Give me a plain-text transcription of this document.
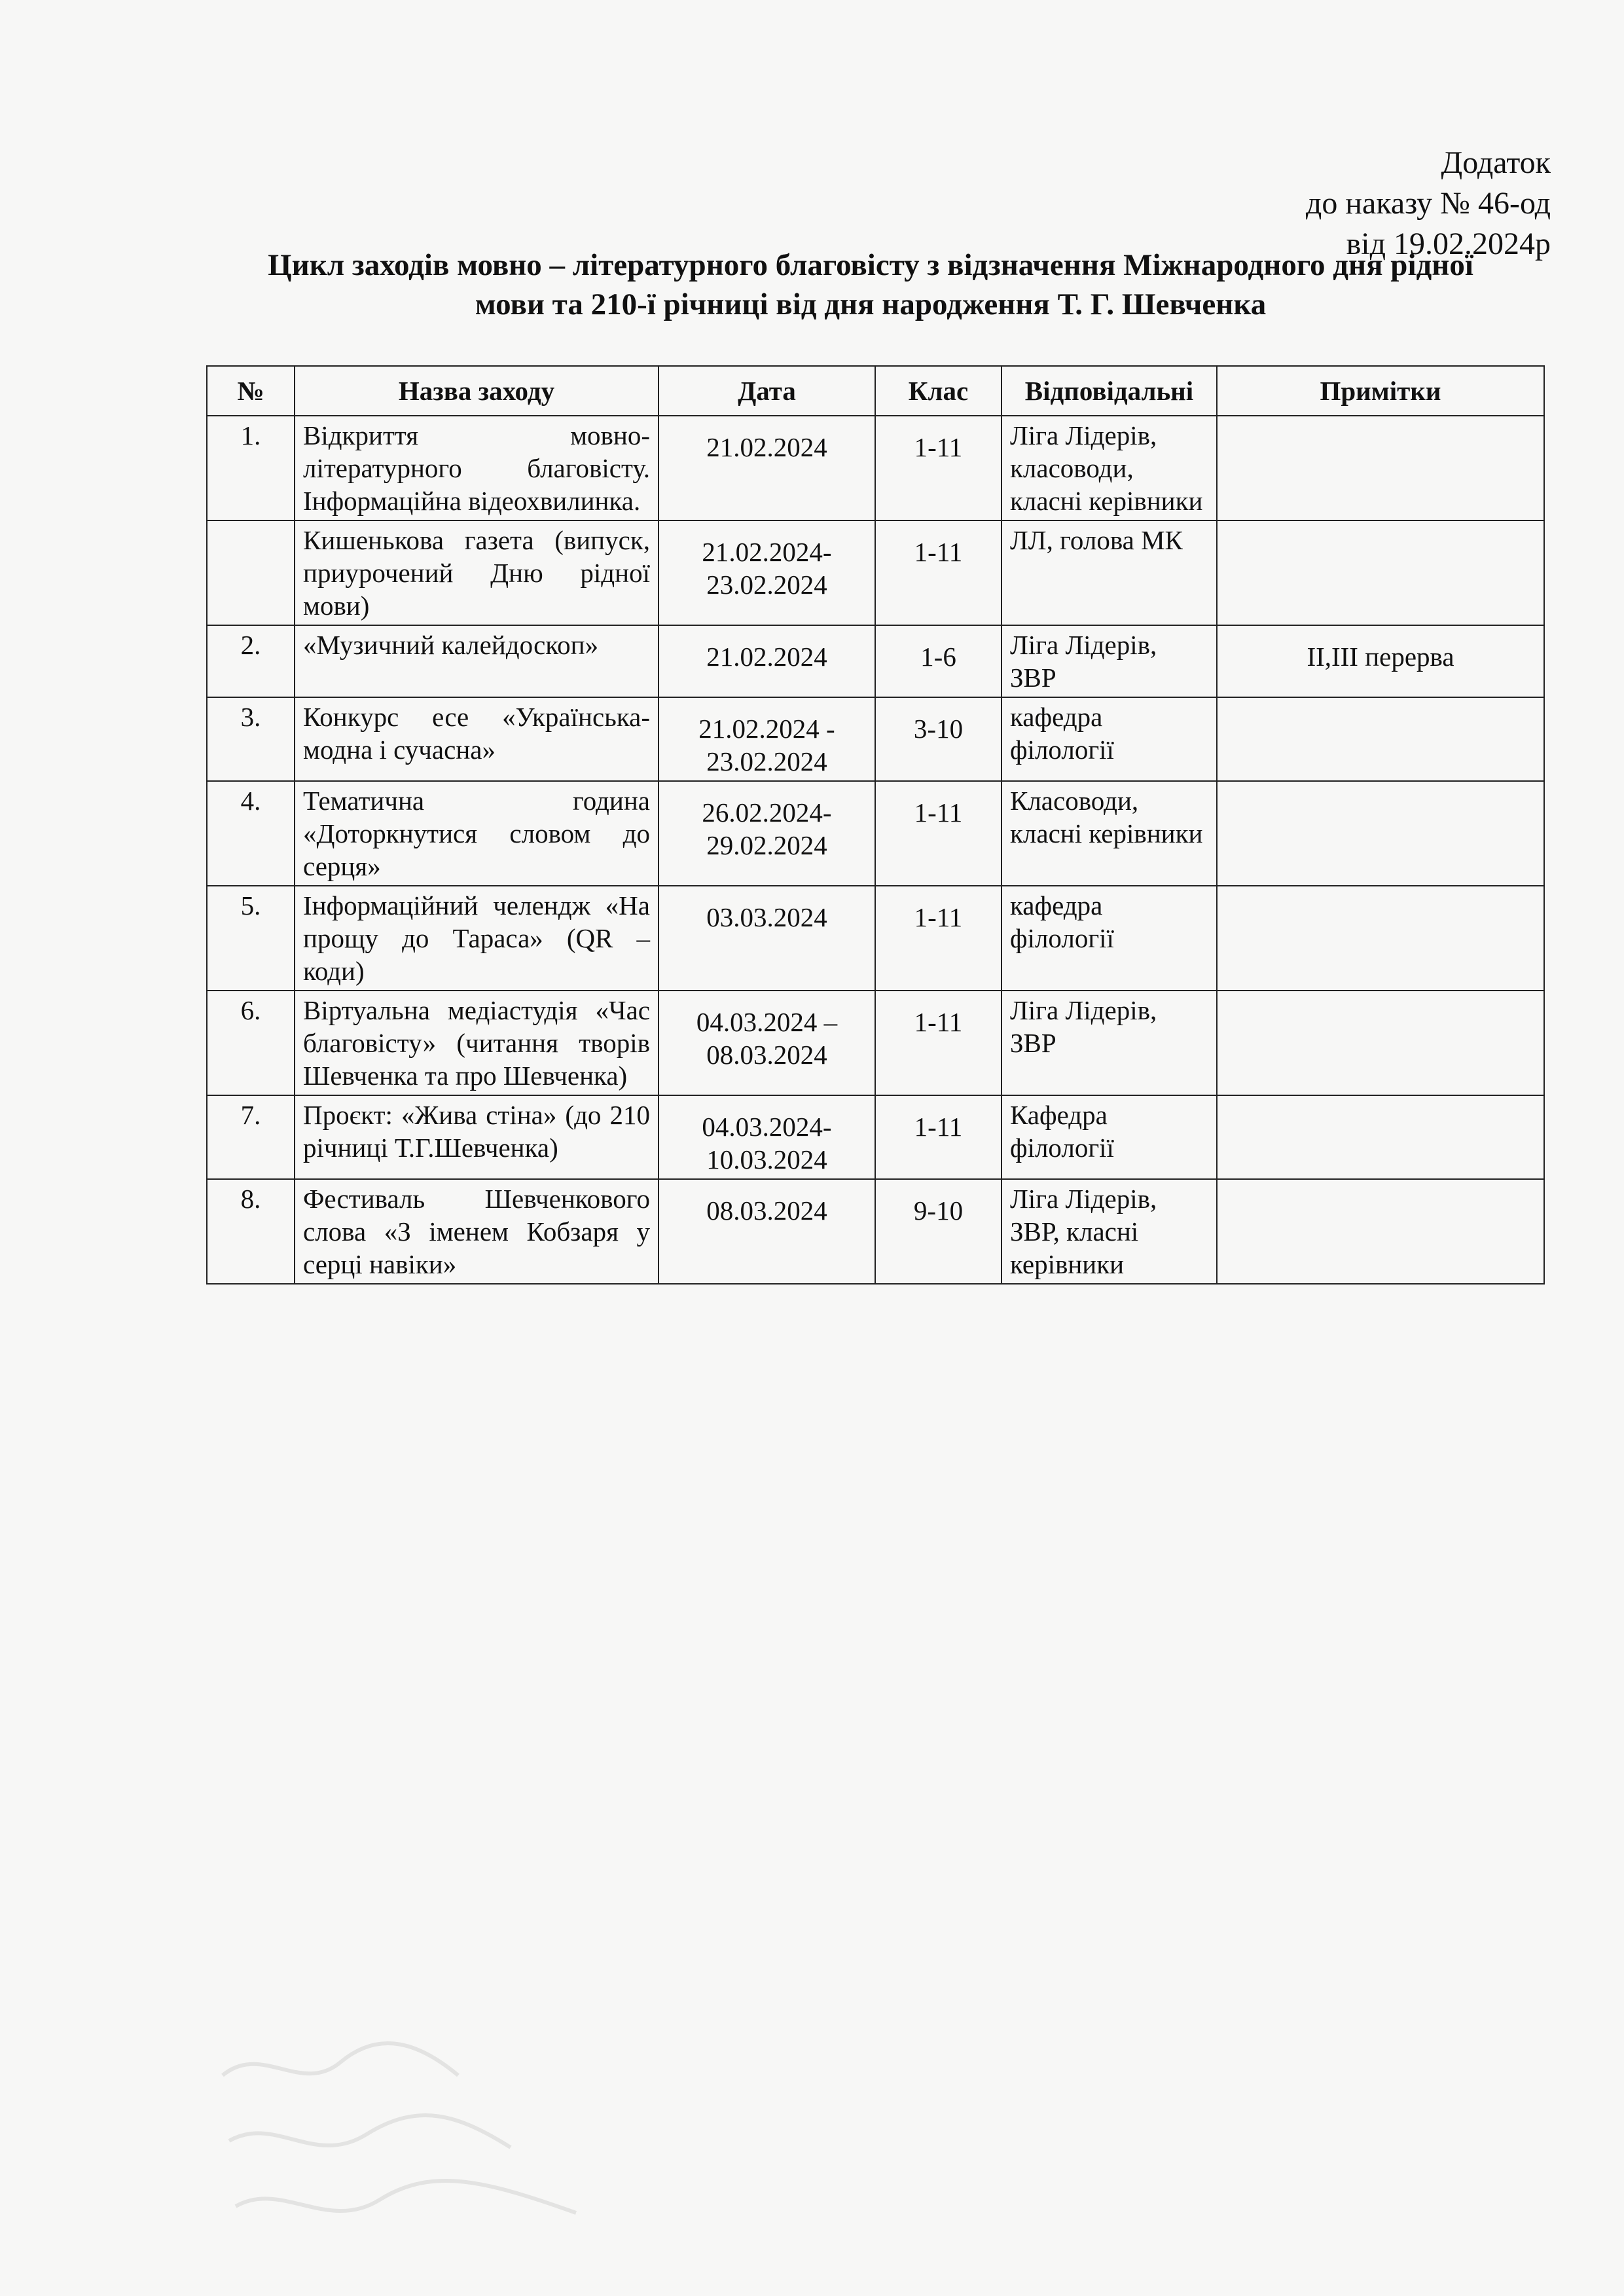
Додаток
до наказу № 46-од
від 19.02.2024р
Цикл заходів мовно – літературного благовісту з відзначення Міжнародного дня рідної
мови та 210-ї річниці від дня народження Т. Г. Шевченка
№	Назва заходу	Дата	Клас	Відповідальні	Примітки
1.	Відкриття мовно-літературного благовісту. Інформаційна відеохвилинка.	21.02.2024	1-11	Ліга Лідерів, класоводи, класні керівники	
	Кишенькова газета (випуск, приурочений Дню рідної мови)	21.02.2024-23.02.2024	1-11	ЛЛ, голова МК	
2.	«Музичний калейдоскоп»	21.02.2024	1-6	Ліга Лідерів, ЗВР	ІІ,ІІІ перерва
3.	Конкурс есе «Українська-модна і сучасна»	21.02.2024 - 23.02.2024	3-10	кафедра філології	
4.	Тематична година «Доторкнутися словом до серця»	26.02.2024-29.02.2024	1-11	Класоводи, класні керівники	
5.	Інформаційний челендж «На прощу до Тараса» (QR – коди)	03.03.2024	1-11	кафедра філології	
6.	Віртуальна медіастудія «Час благовісту» (читання творів Шевченка та про Шевченка)	04.03.2024 – 08.03.2024	1-11	Ліга Лідерів, ЗВР	
7.	Проєкт: «Жива стіна» (до 210 річниці Т.Г.Шевченка)	04.03.2024-10.03.2024	1-11	Кафедра філології	
8.	Фестиваль Шевченкового слова «З іменем Кобзаря у серці навіки»	08.03.2024	9-10	Ліга Лідерів, ЗВР, класні керівники	
